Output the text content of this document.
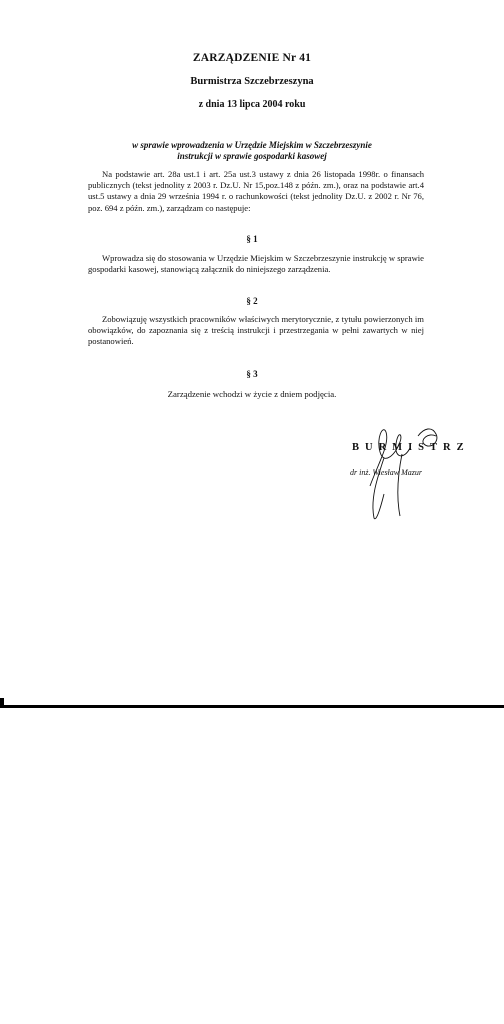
ZARZĄDZENIE Nr 41
Burmistrza Szczebrzeszyna
z dnia 13 lipca 2004 roku
w sprawie wprowadzenia w Urzędzie Miejskim w Szczebrzeszynie
instrukcji w sprawie gospodarki kasowej
Na podstawie art. 28a ust.1 i art. 25a ust.3 ustawy z dnia 26 listopada 1998r. o finansach publicznych (tekst jednolity z 2003 r. Dz.U. Nr 15,poz.148 z późn. zm.), oraz na podstawie art.4 ust.5 ustawy a dnia 29 września 1994 r. o rachunkowości (tekst jednolity Dz.U. z 2002 r. Nr 76, poz. 694 z późn. zm.), zarządzam co następuje:
§ 1
Wprowadza się do stosowania w Urzędzie Miejskim w Szczebrzeszynie instrukcję w sprawie gospodarki kasowej, stanowiącą załącznik do niniejszego zarządzenia.
§ 2
Zobowiązuję wszystkich pracowników właściwych merytorycznie, z tytułu powierzonych im obowiązków, do zapoznania się z treścią instrukcji i przestrzegania w pełni zawartych w niej postanowień.
§ 3
Zarządzenie wchodzi w życie z dniem podjęcia.
BURMISTRZ
dr inż. Wiesław Mazur
